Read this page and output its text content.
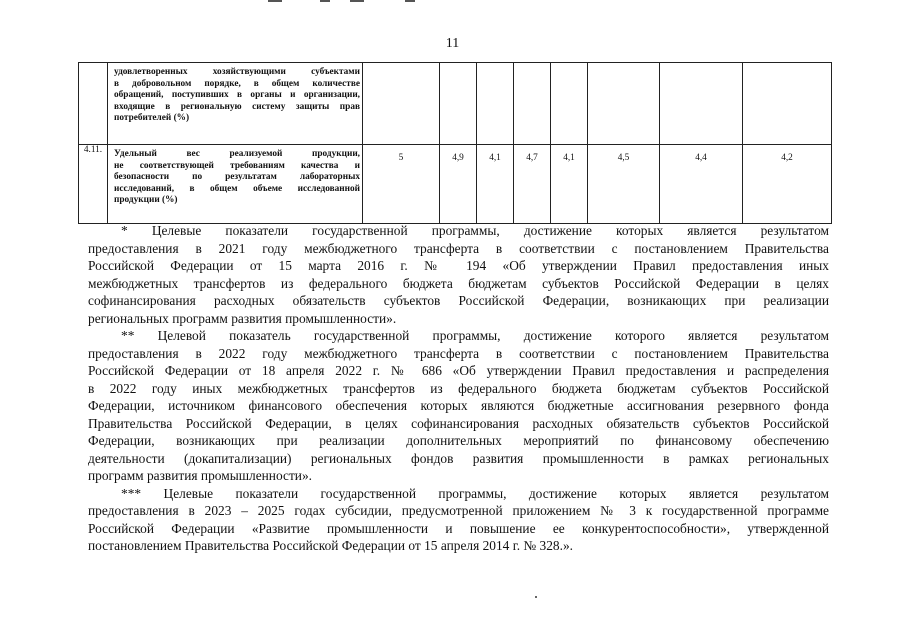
11

	удовлетворенных хозяйствующими субъектами
в добровольном порядке, в общем количестве
обращений, поступивших в органы и организации,
входящие в региональную систему защиты прав
потребителей (%)								

4.11.	Удельный вес реализуемой продукции,
не соответствующей требованиям качества и
безопасности по результатам лабораторных
исследований, в общем объеме исследованной
продукции (%)	5	4,9	4,1	4,7	4,1	4,5	4,4	4,2

* Целевые показатели государственной программы, достижение которых является результатом
предоставления в 2021 году межбюджетного трансферта в соответствии с постановлением Правительства
Российской Федерации от 15 марта 2016 г. № 194 «Об утверждении Правил предоставления иных
межбюджетных трансфертов из федерального бюджета бюджетам субъектов Российской Федерации в целях
софинансирования расходных обязательств субъектов Российской Федерации, возникающих при реализации
региональных программ развития промышленности».

** Целевой показатель государственной программы, достижение которого является результатом
предоставления в 2022 году межбюджетного трансферта в соответствии с постановлением Правительства
Российской Федерации от 18 апреля 2022 г. № 686 «Об утверждении Правил предоставления и распределения
в 2022 году иных межбюджетных трансфертов из федерального бюджета бюджетам субъектов Российской
Федерации, источником финансового обеспечения которых являются бюджетные ассигнования резервного фонда
Правительства Российской Федерации, в целях софинансирования расходных обязательств субъектов Российской
Федерации, возникающих при реализации дополнительных мероприятий по финансовому обеспечению
деятельности (докапитализации) региональных фондов развития промышленности в рамках региональных
программ развития промышленности».

*** Целевые показатели государственной программы, достижение которых является результатом
предоставления в 2023 – 2025 годах субсидии, предусмотренной приложением № 3 к государственной программе
Российской Федерации «Развитие промышленности и повышение ее конкурентоспособности», утвержденной
постановлением Правительства Российской Федерации от 15 апреля 2014 г. № 328.».
